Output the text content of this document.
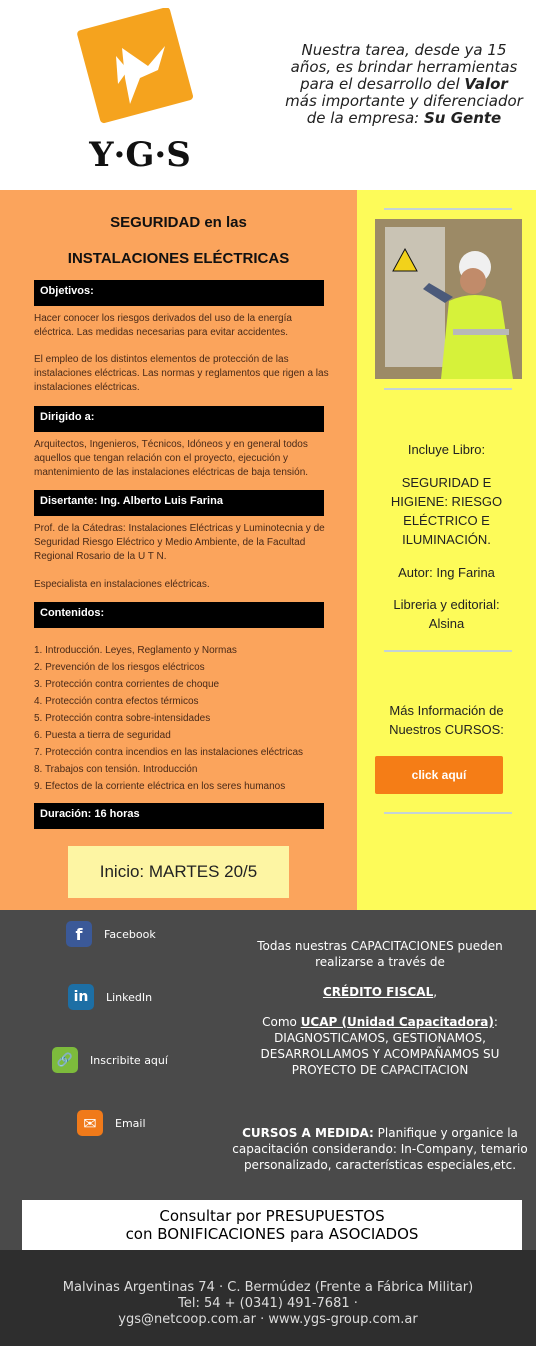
Y·G·S
Nuestra tarea, desde ya 15 años, es brindar herramientas para el desarrollo del Valor más importante y diferenciador de la empresa: Su Gente
SEGURIDAD en las
INSTALACIONES ELÉCTRICAS
Objetivos:
Hacer conocer los riesgos derivados del uso de la energía eléctrica. Las medidas necesarias para evitar accidentes.
El empleo de los distintos elementos de protección de las instalaciones eléctricas. Las normas y reglamentos que rigen a las instalaciones eléctricas.
Dirigido a:
Arquitectos, Ingenieros, Técnicos, Idóneos y en general todos aquellos que tengan relación con el proyecto, ejecución y mantenimiento de las instalaciones eléctricas de baja tensión.
Disertante: Ing. Alberto Luis Farina
Prof. de la Cátedras: Instalaciones Eléctricas y Luminotecnia y de Seguridad Riesgo Eléctrico y Medio Ambiente, de la Facultad Regional Rosario de la U T N.
Especialista en instalaciones eléctricas.
Contenidos:
1. Introducción. Leyes, Reglamento y Normas
2. Prevención de los riesgos eléctricos
3. Protección contra corrientes de choque
4. Protección contra efectos térmicos
5. Protección contra sobre-intensidades
6. Puesta a tierra de seguridad
7. Protección contra incendios en las instalaciones eléctricas
8. Trabajos con tensión. Introducción
9. Efectos de la corriente eléctrica en los seres humanos
Duración: 16 horas
Inicio: MARTES 20/5
Incluye Libro:
SEGURIDAD E HIGIENE: RIESGO ELÉCTRICO E ILUMINACIÓN.
Autor: Ing Farina
Libreria y editorial: Alsina
Más Información de Nuestros CURSOS:
click aquí
f	Facebook
in	LinkedIn
🔗	Inscribite aquí
✉	Email
Todas nuestras CAPACITACIONES pueden realizarse a través de
CRÉDITO FISCAL,
Como UCAP (Unidad Capacitadora): DIAGNOSTICAMOS, GESTIONAMOS, DESARROLLAMOS Y ACOMPAÑAMOS SU PROYECTO DE CAPACITACION
CURSOS A MEDIDA: Planifique y organice la capacitación considerando: In-Company, temario personalizado, características especiales,etc.
Consultar por PRESUPUESTOS
con BONIFICACIONES para ASOCIADOS
Malvinas Argentinas 74 · C. Bermúdez (Frente a Fábrica Militar)
Tel: 54 + (0341) 491-7681 ·
ygs@netcoop.com.ar · www.ygs-group.com.ar
